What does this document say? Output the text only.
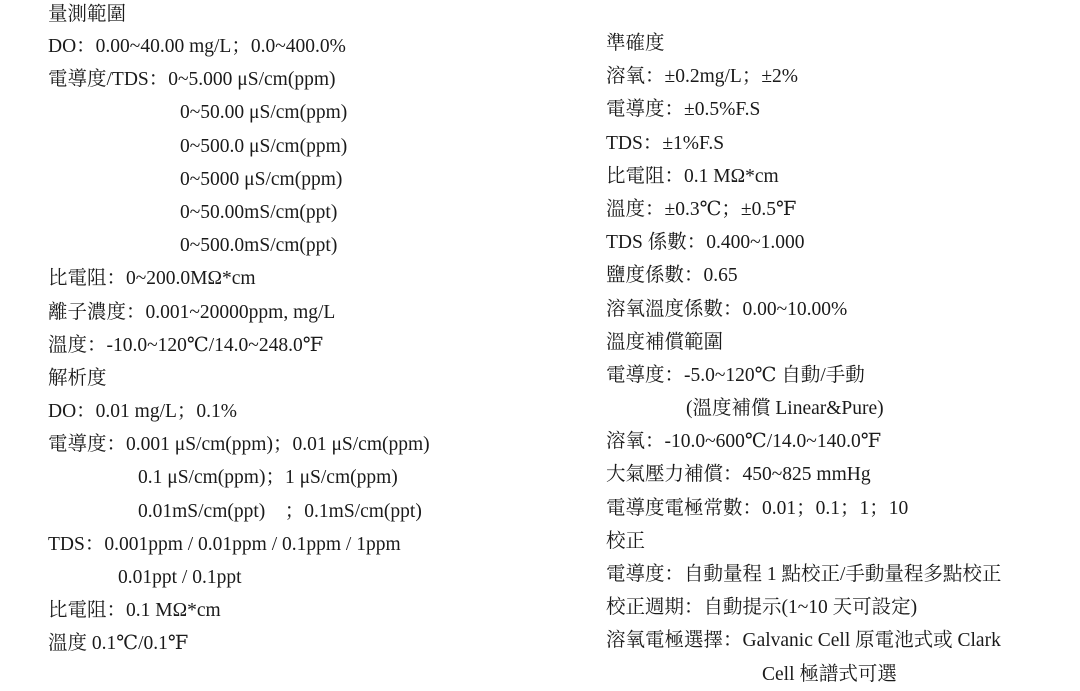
量測範圍
DO：0.00~40.00 mg/L；0.0~400.0%
電導度/TDS：0~5.000 μS/cm(ppm)
0~50.00 μS/cm(ppm)
0~500.0 μS/cm(ppm)
0~5000 μS/cm(ppm)
0~50.00mS/cm(ppt)
0~500.0mS/cm(ppt)
比電阻：0~200.0MΩ*cm
離子濃度：0.001~20000ppm, mg/L
溫度：-10.0~120℃/14.0~248.0℉
解析度
DO：0.01 mg/L；0.1%
電導度：0.001 μS/cm(ppm)；0.01 μS/cm(ppm)
0.1 μS/cm(ppm)；1 μS/cm(ppm)
0.01mS/cm(ppt)　；0.1mS/cm(ppt)
TDS：0.001ppm / 0.01ppm / 0.1ppm / 1ppm
0.01ppt / 0.1ppt
比電阻：0.1 MΩ*cm
溫度 0.1℃/0.1℉
準確度
溶氧：±0.2mg/L；±2%
電導度：±0.5%F.S
TDS：±1%F.S
比電阻：0.1 MΩ*cm
溫度：±0.3℃；±0.5℉
TDS 係數：0.400~1.000
鹽度係數：0.65
溶氧溫度係數：0.00~10.00%
溫度補償範圍
電導度：-5.0~120℃ 自動/手動
(溫度補償 Linear&Pure)
溶氧：-10.0~600℃/14.0~140.0℉
大氣壓力補償：450~825 mmHg
電導度電極常數：0.01；0.1；1；10
校正
電導度：自動量程 1 點校正/手動量程多點校正
校正週期：自動提示(1~10 天可設定)
溶氧電極選擇：Galvanic Cell 原電池式或 Clark
Cell 極譜式可選
